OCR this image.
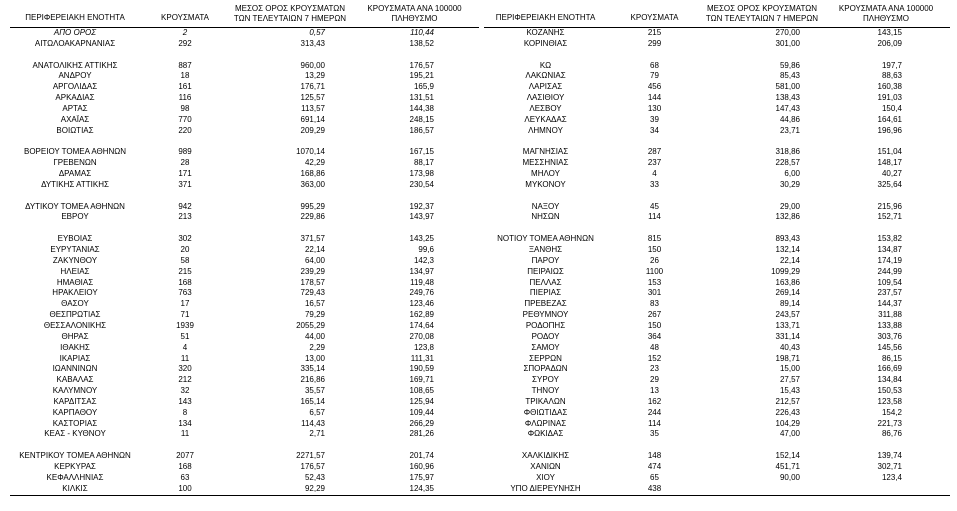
ΠΕΡΙΦΕΡΕΙΑΚΗ ΕΝΟΤΗΤΑ	ΚΡΟΥΣΜΑΤΑ
ΜΕΣΟΣ ΟΡΟΣ ΚΡΟΥΣΜΑΤΩΝ
ΤΩΝ ΤΕΛΕΥΤΑΙΩΝ 7 ΗΜΕΡΩΝ
ΚΡΟΥΣΜΑΤΑ ΑΝΑ 100000
ΠΛΗΘΥΣΜΟ
ΑΠΟ ΟΡΟΣ	2	0,57	110,44
ΑΙΤΩΛΟΑΚΑΡΝΑΝΙΑΣ	292	313,43	138,52
ΑΝΑΤΟΛΙΚΗΣ ΑΤΤΙΚΗΣ	887	960,00	176,57
ΑΝΔΡΟΥ	18	13,29	195,21
ΑΡΓΟΛΙΔΑΣ	161	176,71	165,9
ΑΡΚΑΔΙΑΣ	116	125,57	131,51
ΑΡΤΑΣ	98	113,57	144,38
ΑΧΑΪΑΣ	770	691,14	248,15
ΒΟΙΩΤΙΑΣ	220	209,29	186,57
ΒΟΡΕΙΟΥ ΤΟΜΕΑ ΑΘΗΝΩΝ	989	1070,14	167,15
ΓΡΕΒΕΝΩΝ	28	42,29	88,17
ΔΡΑΜΑΣ	171	168,86	173,98
ΔΥΤΙΚΗΣ ΑΤΤΙΚΗΣ	371	363,00	230,54
ΔΥΤΙΚΟΥ ΤΟΜΕΑ ΑΘΗΝΩΝ	942	995,29	192,37
ΕΒΡΟΥ	213	229,86	143,97
ΕΥΒΟΙΑΣ	302	371,57	143,25
ΕΥΡΥΤΑΝΙΑΣ	20	22,14	99,6
ΖΑΚΥΝΘΟΥ	58	64,00	142,3
ΗΛΕΙΑΣ	215	239,29	134,97
ΗΜΑΘΙΑΣ	168	178,57	119,48
ΗΡΑΚΛΕΙΟΥ	763	729,43	249,76
ΘΑΣΟΥ	17	16,57	123,46
ΘΕΣΠΡΩΤΙΑΣ	71	79,29	162,89
ΘΕΣΣΑΛΟΝΙΚΗΣ	1939	2055,29	174,64
ΘΗΡΑΣ	51	44,00	270,08
ΙΘΑΚΗΣ	4	2,29	123,8
ΙΚΑΡΙΑΣ	11	13,00	111,31
ΙΩΑΝΝΙΝΩΝ	320	335,14	190,59
ΚΑΒΑΛΑΣ	212	216,86	169,71
ΚΑΛΥΜΝΟΥ	32	35,57	108,65
ΚΑΡΔΙΤΣΑΣ	143	165,14	125,94
ΚΑΡΠΑΘΟΥ	8	6,57	109,44
ΚΑΣΤΟΡΙΑΣ	134	114,43	266,29
ΚΕΑΣ - ΚΥΘΝΟΥ	11	2,71	281,26
ΚΕΝΤΡΙΚΟΥ ΤΟΜΕΑ ΑΘΗΝΩΝ	2077	2271,57	201,74
ΚΕΡΚΥΡΑΣ	168	176,57	160,96
ΚΕΦΑΛΛΗΝΙΑΣ	63	52,43	175,97
ΚΙΛΚΙΣ	100	92,29	124,35
ΠΕΡΙΦΕΡΕΙΑΚΗ ΕΝΟΤΗΤΑ	ΚΡΟΥΣΜΑΤΑ
ΜΕΣΟΣ ΟΡΟΣ ΚΡΟΥΣΜΑΤΩΝ
ΤΩΝ ΤΕΛΕΥΤΑΙΩΝ 7 ΗΜΕΡΩΝ
ΚΡΟΥΣΜΑΤΑ ΑΝΑ 100000
ΠΛΗΘΥΣΜΟ
ΚΟΖΑΝΗΣ	215	270,00	143,15
ΚΟΡΙΝΘΙΑΣ	299	301,00	206,09
ΚΩ	68	59,86	197,7
ΛΑΚΩΝΙΑΣ	79	85,43	88,63
ΛΑΡΙΣΑΣ	456	581,00	160,38
ΛΑΣΙΘΙΟΥ	144	138,43	191,03
ΛΕΣΒΟΥ	130	147,43	150,4
ΛΕΥΚΑΔΑΣ	39	44,86	164,61
ΛΗΜΝΟΥ	34	23,71	196,96
ΜΑΓΝΗΣΙΑΣ	287	318,86	151,04
ΜΕΣΣΗΝΙΑΣ	237	228,57	148,17
ΜΗΛΟΥ	4	6,00	40,27
ΜΥΚΟΝΟΥ	33	30,29	325,64
ΝΑΞΟΥ	45	29,00	215,96
ΝΗΣΩΝ	114	132,86	152,71
ΝΟΤΙΟΥ ΤΟΜΕΑ ΑΘΗΝΩΝ	815	893,43	153,82
ΞΑΝΘΗΣ	150	132,14	134,87
ΠΑΡΟΥ	26	22,14	174,19
ΠΕΙΡΑΙΩΣ	1100	1099,29	244,99
ΠΕΛΛΑΣ	153	163,86	109,54
ΠΙΕΡΙΑΣ	301	269,14	237,57
ΠΡΕΒΕΖΑΣ	83	89,14	144,37
ΡΕΘΥΜΝΟΥ	267	243,57	311,88
ΡΟΔΟΠΗΣ	150	133,71	133,88
ΡΟΔΟΥ	364	331,14	303,76
ΣΑΜΟΥ	48	40,43	145,56
ΣΕΡΡΩΝ	152	198,71	86,15
ΣΠΟΡΑΔΩΝ	23	15,00	166,69
ΣΥΡΟΥ	29	27,57	134,84
ΤΗΝΟΥ	13	15,43	150,53
ΤΡΙΚΑΛΩΝ	162	212,57	123,58
ΦΘΙΩΤΙΔΑΣ	244	226,43	154,2
ΦΛΩΡΙΝΑΣ	114	104,29	221,73
ΦΩΚΙΔΑΣ	35	47,00	86,76
ΧΑΛΚΙΔΙΚΗΣ	148	152,14	139,74
ΧΑΝΙΩΝ	474	451,71	302,71
ΧΙΟΥ	65	90,00	123,4
ΥΠΟ ΔΙΕΡΕΥΝΗΣΗ	438
